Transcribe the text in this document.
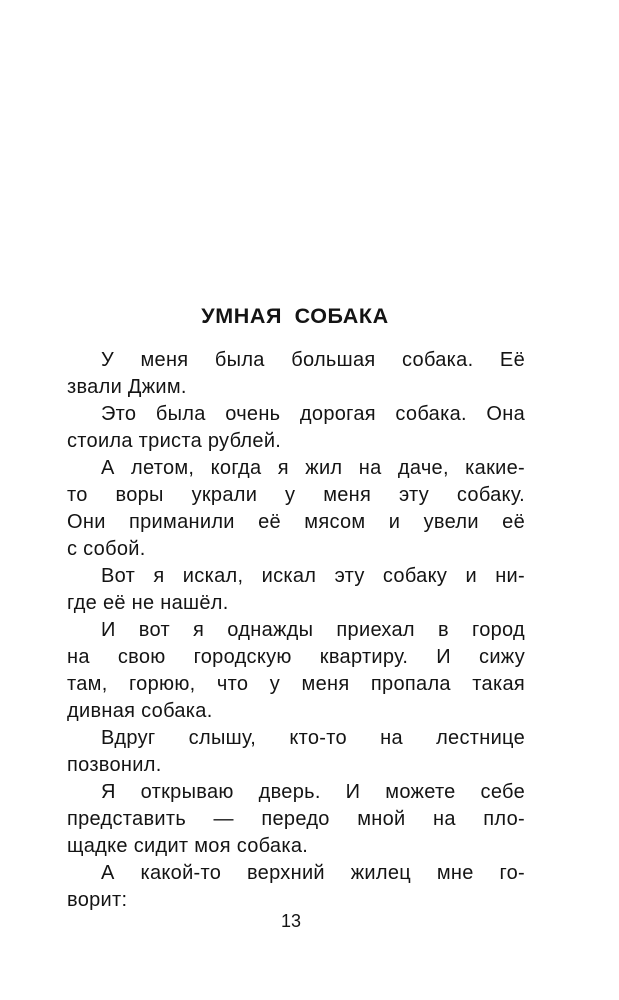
УМНАЯ СОБАКА
У меня была большая собака. Её
звали Джим.
Это была очень дорогая собака. Она
стоила триста рублей.
А летом, когда я жил на даче, какие-
то воры украли у меня эту собаку.
Они приманили её мясом и увели её
с собой.
Вот я искал, искал эту собаку и ни-
где её не нашёл.
И вот я однажды приехал в город
на свою городскую квартиру. И сижу
там, горюю, что у меня пропала такая
дивная собака.
Вдруг слышу, кто-то на лестнице
позвонил.
Я открываю дверь. И можете себе
представить — передо мной на пло-
щадке сидит моя собака.
А какой-то верхний жилец мне го-
ворит:
13
